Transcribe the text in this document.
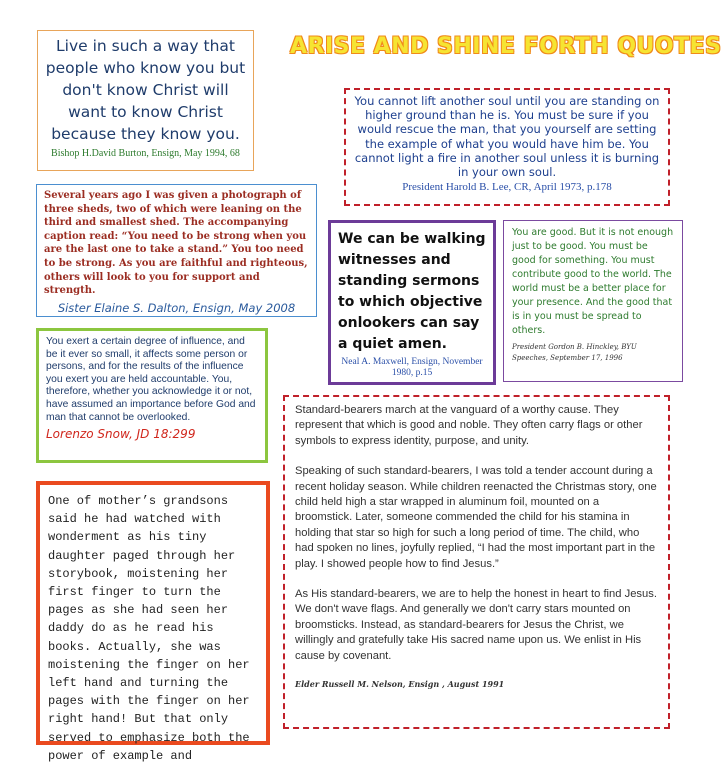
ARISE AND SHINE FORTH QUOTES
Live in such a way that people who know you but don't know Christ will want to know Christ because they know you.
Bishop H.David Burton, Ensign, May 1994, 68
You cannot lift another soul until you are standing on higher ground than he is. You must be sure if you would rescue the man, that you yourself are setting the example of what you would have him be. You cannot light a fire in another soul unless it is burning in your own soul.
President Harold B. Lee, CR, April 1973, p.178
Several years ago I was given a photograph of three sheds, two of which were leaning on the third and smallest shed. The accompanying caption read: “You need to be strong when you are the last one to take a stand.” You too need to be strong. As you are faithful and righteous, others will look to you for support and strength.
Sister Elaine S. Dalton, Ensign, May 2008
We can be walking witnesses and standing sermons to which objective onlookers can say a quiet amen.
Neal A. Maxwell, Ensign, November 1980, p.15
You are good. But it is not enough just to be good. You must be good for something. You must contribute good to the world. The world must be a better place for your presence. And the good that is in you must be spread to others.
President Gordon B. Hinckley, BYU Speeches, September 17, 1996
You exert a certain degree of influence, and be it ever so small, it affects some person or persons, and for the results of the influence you exert you are held accountable. You, therefore, whether you acknowledge it or not, have assumed an importance before God and man that cannot be overlooked.
Lorenzo Snow, JD 18:299

Standard-bearers march at the vanguard of a worthy cause. They represent that which is good and noble. They often carry flags or other symbols to express identity, purpose, and unity.

Speaking of such standard-bearers, I was told a tender account during a recent holiday season. While children reenacted the Christmas story, one child held high a star wrapped in aluminum foil, mounted on a broomstick. Later, someone commended the child for his stamina in holding that star so high for such a long period of time. The child, who had spoken no lines, joyfully replied, “I had the most important part in the play. I showed people how to find Jesus.”

As His standard-bearers, we are to help the honest in heart to find Jesus. We don't wave flags. And generally we don't carry stars mounted on broomsticks. Instead, as standard-bearers for Jesus the Christ, we willingly and gratefully take His sacred name upon us. We enlist in His cause by covenant.

Elder Russell M. Nelson, Ensign , August 1991
One of mother’s grandsons said he had watched with wonderment as his tiny daughter paged through her storybook, moistening her first finger to turn the pages as she had seen her daddy do as he read his books. Actually, she was moistening the finger on her left hand and turning the pages with the finger on her right hand! But that only served to emphasize both the power of example and
